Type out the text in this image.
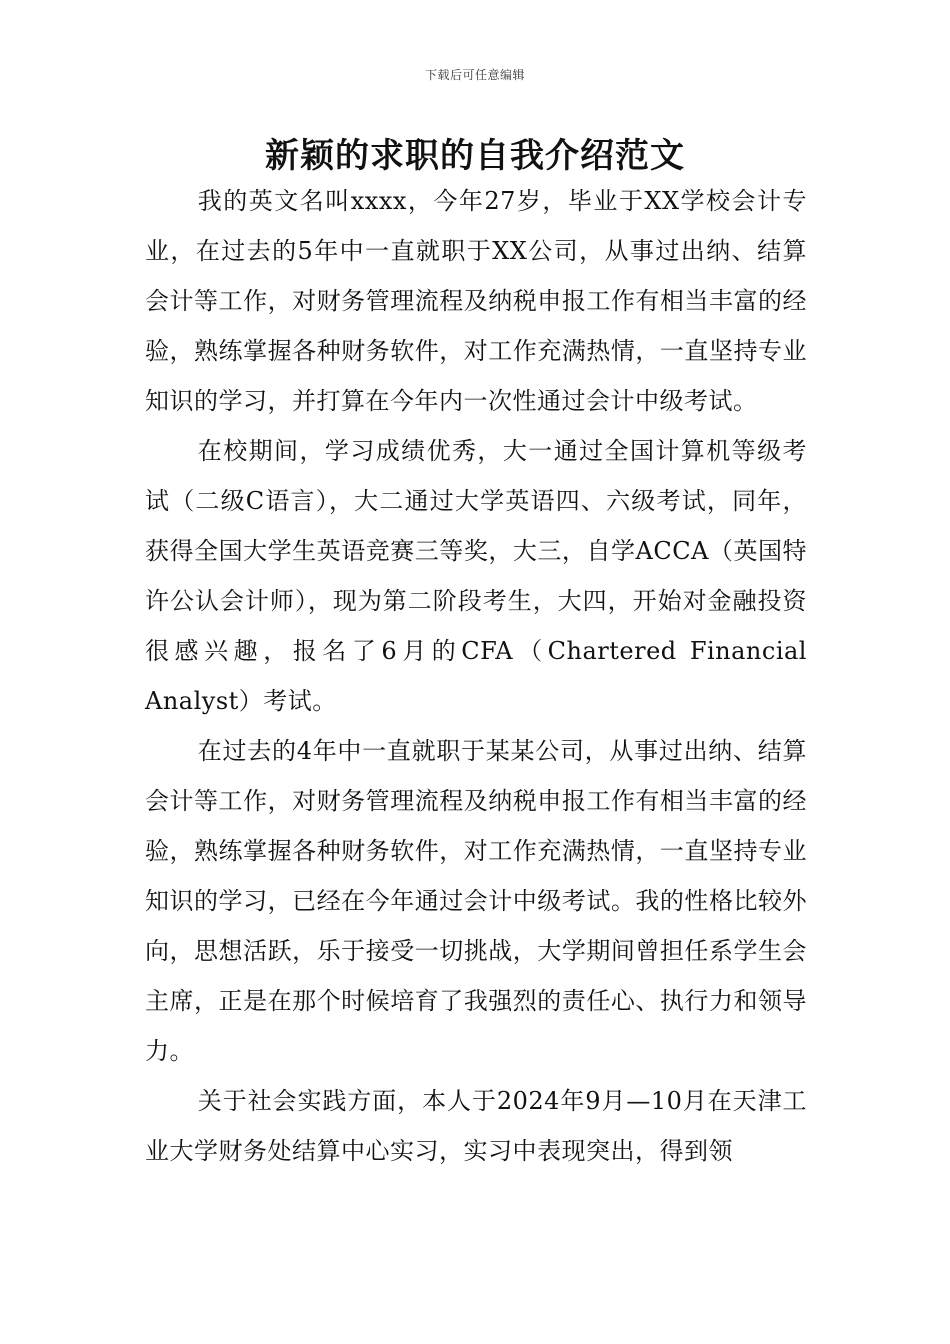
下载后可任意编辑
新颖的求职的自我介绍范文

我的英文名叫xxxx，今年27岁，毕业于XX学校会计专业，在过去的5年中一直就职于XX公司，从事过出纳、结算会计等工作，对财务管理流程及纳税申报工作有相当丰富的经验，熟练掌握各种财务软件，对工作充满热情，一直坚持专业知识的学习，并打算在今年内一次性通过会计中级考试。

在校期间，学习成绩优秀，大一通过全国计算机等级考试（二级C语言），大二通过大学英语四、六级考试，同年，获得全国大学生英语竞赛三等奖，大三，自学ACCA（英国特许公认会计师），现为第二阶段考生，大四，开始对金融投资很感兴趣，报名了6月的CFA（Chartered Financial Analyst）考试。

在过去的4年中一直就职于某某公司，从事过出纳、结算会计等工作，对财务管理流程及纳税申报工作有相当丰富的经验，熟练掌握各种财务软件，对工作充满热情，一直坚持专业知识的学习，已经在今年通过会计中级考试。我的性格比较外向，思想活跃，乐于接受一切挑战，大学期间曾担任系学生会主席，正是在那个时候培育了我强烈的责任心、执行力和领导力。

关于社会实践方面，本人于2024年9月—10月在天津工业大学财务处结算中心实习，实习中表现突出，得到领
